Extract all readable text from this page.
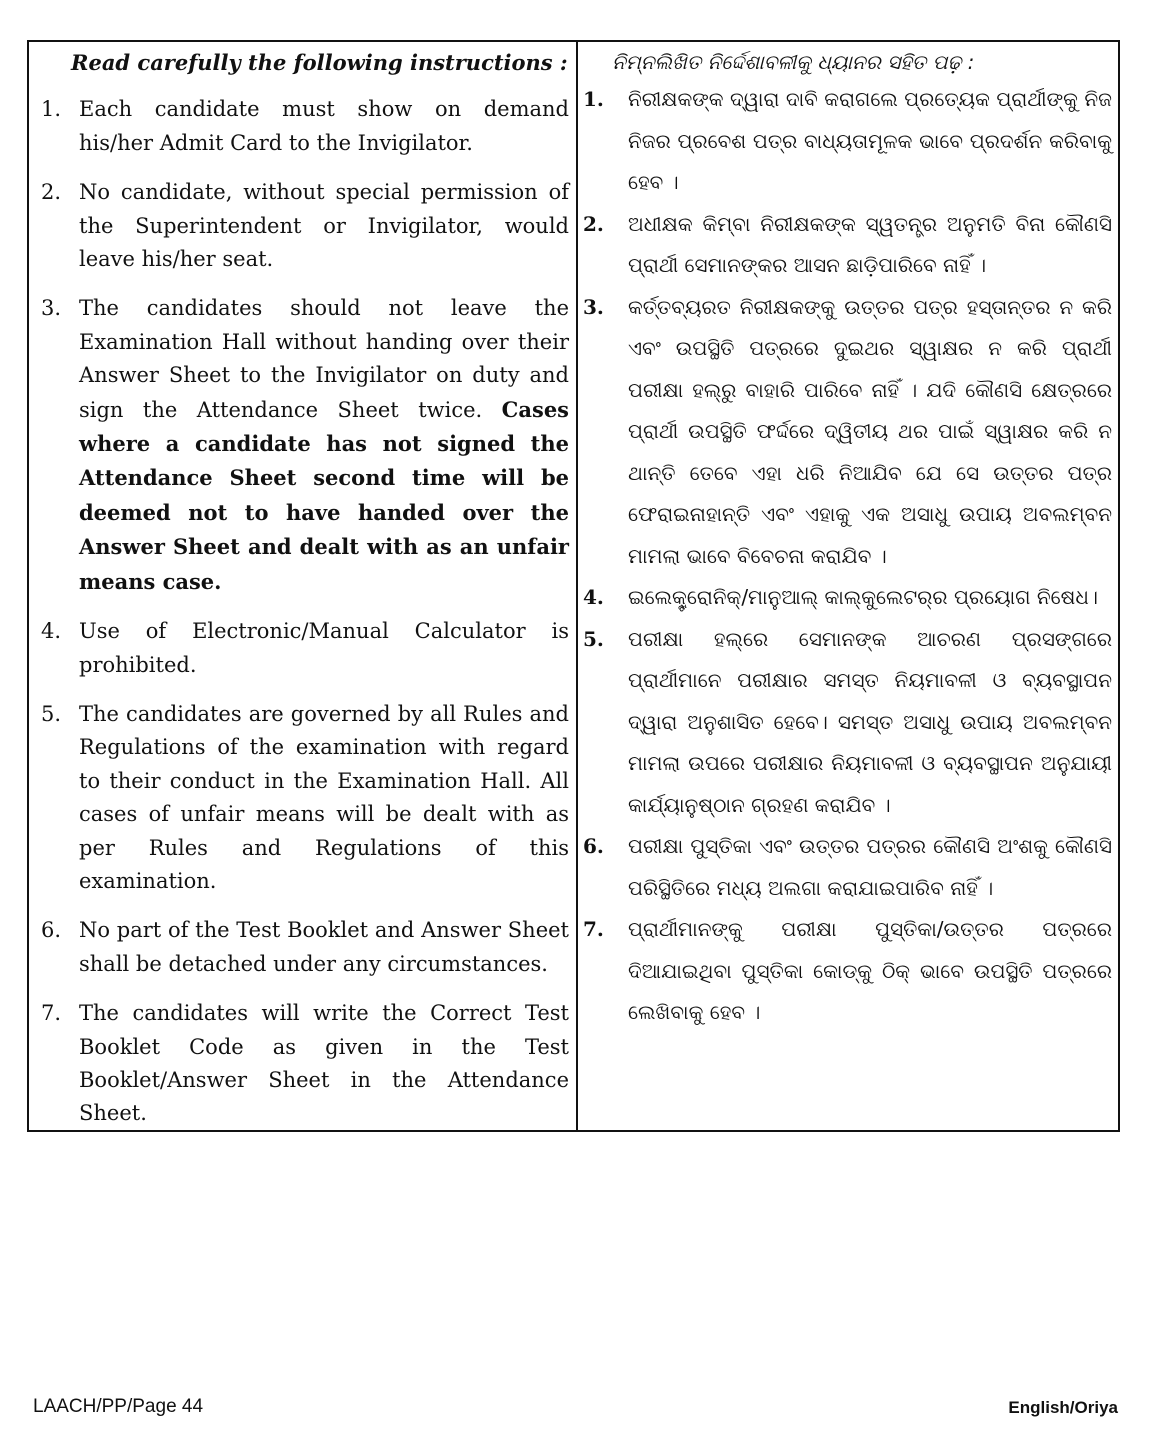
Read carefully the following instructions :
1. Each candidate must show on demand his/her Admit Card to the Invigilator.
2. No candidate, without special permission of the Superintendent or Invigilator, would leave his/her seat.
3. The candidates should not leave the Examination Hall without handing over their Answer Sheet to the Invigilator on duty and sign the Attendance Sheet twice. Cases where a candidate has not signed the Attendance Sheet second time will be deemed not to have handed over the Answer Sheet and dealt with as an unfair means case.
4. Use of Electronic/Manual Calculator is prohibited.
5. The candidates are governed by all Rules and Regulations of the examination with regard to their conduct in the Examination Hall. All cases of unfair means will be dealt with as per Rules and Regulations of this examination.
6. No part of the Test Booklet and Answer Sheet shall be detached under any circumstances.
7. The candidates will write the Correct Test Booklet Code as given in the Test Booklet/Answer Sheet in the Attendance Sheet.
ନିମ୍ନଲିଖିତ ନିର୍ଦ୍ଦେଶାବଳୀକୁ ଧ୍ୟାନର ସହିତ ପଢ଼ :
1.	ନିରୀକ୍ଷକଙ୍କ ଦ୍ୱାରା ଦାବି କରାଗଲେ ପ୍ରତ୍ୟେକ ପ୍ରାର୍ଥୀଙ୍କୁ ନିଜ ନିଜର ପ୍ରବେଶ ପତ୍ର ବାଧ୍ୟତାମୂଳକ ଭାବେ ପ୍ରଦର୍ଶନ କରିବାକୁ ହେବ ।
2.	ଅଧୀକ୍ଷକ କିମ୍ବା ନିରୀକ୍ଷକଙ୍କ ସ୍ୱତନ୍ତ୍ର ଅନୁମତି ବିନା କୌଣସି ପ୍ରାର୍ଥୀ ସେମାନଙ୍କର ଆସନ ଛାଡ଼ିପାରିବେ ନାହିଁ ।
3.	କର୍ତ୍ତବ୍ୟରତ ନିରୀକ୍ଷକଙ୍କୁ ଉତ୍ତର ପତ୍ର ହସ୍ତାନ୍ତର ନ କରି ଏବଂ ଉପସ୍ଥିତି ପତ୍ରରେ ଦୁଇଥର ସ୍ୱାକ୍ଷର ନ କରି ପ୍ରାର୍ଥୀ ପରୀକ୍ଷା ହଲ୍‌ରୁ ବାହାରି ପାରିବେ ନାହିଁ । ଯଦି କୌଣସି କ୍ଷେତ୍ରରେ ପ୍ରାର୍ଥୀ ଉପସ୍ଥିତି ଫର୍ଦ୍ଦରେ ଦ୍ୱିତୀୟ ଥର ପାଇଁ ସ୍ୱାକ୍ଷର କରି ନ ଥାନ୍ତି ତେବେ ଏହା ଧରି ନିଆଯିବ ଯେ ସେ ଉତ୍ତର ପତ୍ର ଫେରାଇନାହାନ୍ତି ଏବଂ ଏହାକୁ ଏକ ଅସାଧୁ ଉପାୟ ଅବଲମ୍ବନ ମାମଲା ଭାବେ ବିବେଚନା କରାଯିବ ।
4.	ଇଲେକ୍ଟ୍ରୋନିକ୍/ମାନୁଆଲ୍ କାଲ୍‌କୁଲେଟର୍‌ର ପ୍ରୟୋଗ ନିଷେଧ।
5.	ପରୀକ୍ଷା ହଲ୍‌ରେ ସେମାନଙ୍କ ଆଚରଣ ପ୍ରସଙ୍ଗରେ ପ୍ରାର୍ଥୀମାନେ ପରୀକ୍ଷାର ସମସ୍ତ ନିୟମାବଳୀ ଓ ବ୍ୟବସ୍ଥାପନ ଦ୍ୱାରା ଅନୁଶାସିତ ହେବେ। ସମସ୍ତ ଅସାଧୁ ଉପାୟ ଅବଲମ୍ବନ ମାମଲା ଉପରେ ପରୀକ୍ଷାର ନିୟମାବଳୀ ଓ ବ୍ୟବସ୍ଥାପନ ଅନୁଯାୟୀ କାର୍ଯ୍ୟାନୁଷ୍ଠାନ ଗ୍ରହଣ କରାଯିବ ।
6.	ପରୀକ୍ଷା ପୁସ୍ତିକା ଏବଂ ଉତ୍ତର ପତ୍ରର କୌଣସି ଅଂଶକୁ କୌଣସି ପରିସ୍ଥିତିରେ ମଧ୍ୟ ଅଲଗା କରାଯାଇପାରିବ ନାହିଁ ।
7.	ପ୍ରାର୍ଥୀମାନଙ୍କୁ ପରୀକ୍ଷା ପୁସ୍ତିକା/ଉତ୍ତର ପତ୍ରରେ ଦିଆଯାଇଥିବା ପୁସ୍ତିକା କୋଡ୍‌କୁ ଠିକ୍ ଭାବେ ଉପସ୍ଥିତି ପତ୍ରରେ ଲେଖିବାକୁ ହେବ ।
LAACH/PP/Page 44	English/Oriya
